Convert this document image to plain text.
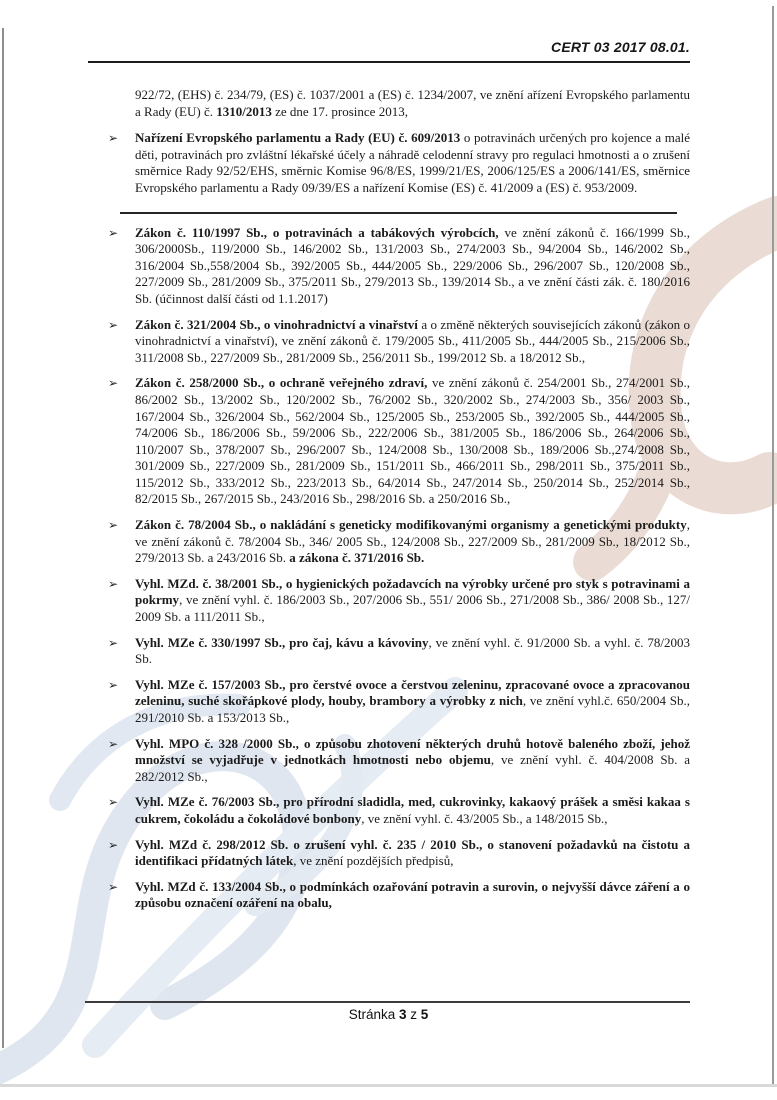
CERT 03 2017 08.01.

922/72, (EHS) č. 234/79, (ES) č. 1037/2001 a (ES) č. 1234/2007, ve znění ařízení Evropského parlamentu a Rady (EU) č. 1310/2013 ze dne 17. prosince 2013,

➢ Nařízení Evropského parlamentu a Rady (EU) č. 609/2013 o potravinách určených pro kojence a malé děti, potravinách pro zvláštní lékařské účely a náhradě celodenní stravy pro regulaci hmotnosti a o zrušení směrnice Rady 92/52/EHS, směrnic Komise 96/8/ES, 1999/21/ES, 2006/125/ES a 2006/141/ES, směrnice Evropského parlamentu a Rady 09/39/ES a nařízení Komise (ES) č. 41/2009 a (ES) č. 953/2009.
➢ Zákon č. 110/1997 Sb., o potravinách a tabákových výrobcích, ve znění zákonů č. 166/1999 Sb., 306/2000Sb., 119/2000 Sb., 146/2002 Sb., 131/2003 Sb., 274/2003 Sb., 94/2004 Sb., 146/2002 Sb., 316/2004 Sb.,558/2004 Sb., 392/2005 Sb., 444/2005 Sb., 229/2006 Sb., 296/2007 Sb., 120/2008 Sb., 227/2009 Sb., 281/2009 Sb., 375/2011 Sb., 279/2013 Sb., 139/2014 Sb., a ve znění části zák. č. 180/2016 Sb. (účinnost další části od 1.1.2017)
➢ Zákon č. 321/2004 Sb., o vinohradnictví a vinařství a o změně některých souvisejících zákonů (zákon o vinohradnictví a vinařství), ve znění zákonů č. 179/2005 Sb., 411/2005 Sb., 444/2005 Sb., 215/2006 Sb., 311/2008 Sb., 227/2009 Sb., 281/2009 Sb., 256/2011 Sb., 199/2012 Sb. a 18/2012 Sb.,
➢ Zákon č. 258/2000 Sb., o ochraně veřejného zdraví, ve znění zákonů č. 254/2001 Sb., 274/2001 Sb., 86/2002 Sb., 13/2002 Sb., 120/2002 Sb., 76/2002 Sb., 320/2002 Sb., 274/2003 Sb., 356/ 2003 Sb., 167/2004 Sb., 326/2004 Sb., 562/2004 Sb., 125/2005 Sb., 253/2005 Sb., 392/2005 Sb., 444/2005 Sb., 74/2006 Sb., 186/2006 Sb., 59/2006 Sb., 222/2006 Sb., 381/2005 Sb., 186/2006 Sb., 264/2006 Sb., 110/2007 Sb., 378/2007 Sb., 296/2007 Sb., 124/2008 Sb., 130/2008 Sb., 189/2006 Sb.,274/2008 Sb., 301/2009 Sb., 227/2009 Sb., 281/2009 Sb., 151/2011 Sb., 466/2011 Sb., 298/2011 Sb., 375/2011 Sb., 115/2012 Sb., 333/2012 Sb., 223/2013 Sb., 64/2014 Sb., 247/2014 Sb., 250/2014 Sb., 252/2014 Sb., 82/2015 Sb., 267/2015 Sb., 243/2016 Sb., 298/2016 Sb. a 250/2016 Sb.,
➢ Zákon č. 78/2004 Sb., o nakládání s geneticky modifikovanými organismy a genetickými produkty, ve znění zákonů č. 78/2004 Sb., 346/ 2005 Sb., 124/2008 Sb., 227/2009 Sb., 281/2009 Sb., 18/2012 Sb., 279/2013 Sb. a 243/2016 Sb. a zákona č. 371/2016 Sb.
➢ Vyhl. MZd. č. 38/2001 Sb., o hygienických požadavcích na výrobky určené pro styk s potravinami a pokrmy, ve znění vyhl. č. 186/2003 Sb., 207/2006 Sb., 551/ 2006 Sb., 271/2008 Sb., 386/ 2008 Sb., 127/ 2009 Sb. a 111/2011 Sb.,
➢ Vyhl. MZe č. 330/1997 Sb., pro čaj, kávu a kávoviny, ve znění vyhl. č. 91/2000 Sb. a vyhl. č. 78/2003 Sb.
➢ Vyhl. MZe č. 157/2003 Sb., pro čerstvé ovoce a čerstvou zeleninu, zpracované ovoce a zpracovanou zeleninu, suché skořápkové plody, houby, brambory a výrobky z nich, ve znění vyhl.č. 650/2004 Sb., 291/2010 Sb. a 153/2013 Sb.,
➢ Vyhl. MPO č. 328 /2000 Sb., o způsobu zhotovení některých druhů hotově baleného zboží, jehož množství se vyjadřuje v jednotkách hmotnosti nebo objemu, ve znění vyhl. č. 404/2008 Sb. a 282/2012 Sb.,
➢ Vyhl. MZe č. 76/2003 Sb., pro přírodní sladidla, med, cukrovinky, kakaový prášek a směsi kakaa s cukrem, čokoládu a čokoládové bonbony, ve znění vyhl. č. 43/2005 Sb., a 148/2015 Sb.,
➢ Vyhl. MZd č. 298/2012 Sb. o zrušení vyhl. č. 235 / 2010 Sb., o stanovení požadavků na čistotu a identifikaci přídatných látek, ve znění pozdějších předpisů,
➢ Vyhl. MZd č. 133/2004 Sb., o podmínkách ozařování potravin a surovin, o nejvyšší dávce záření a o způsobu označení ozáření na obalu,
Stránka 3 z 5
